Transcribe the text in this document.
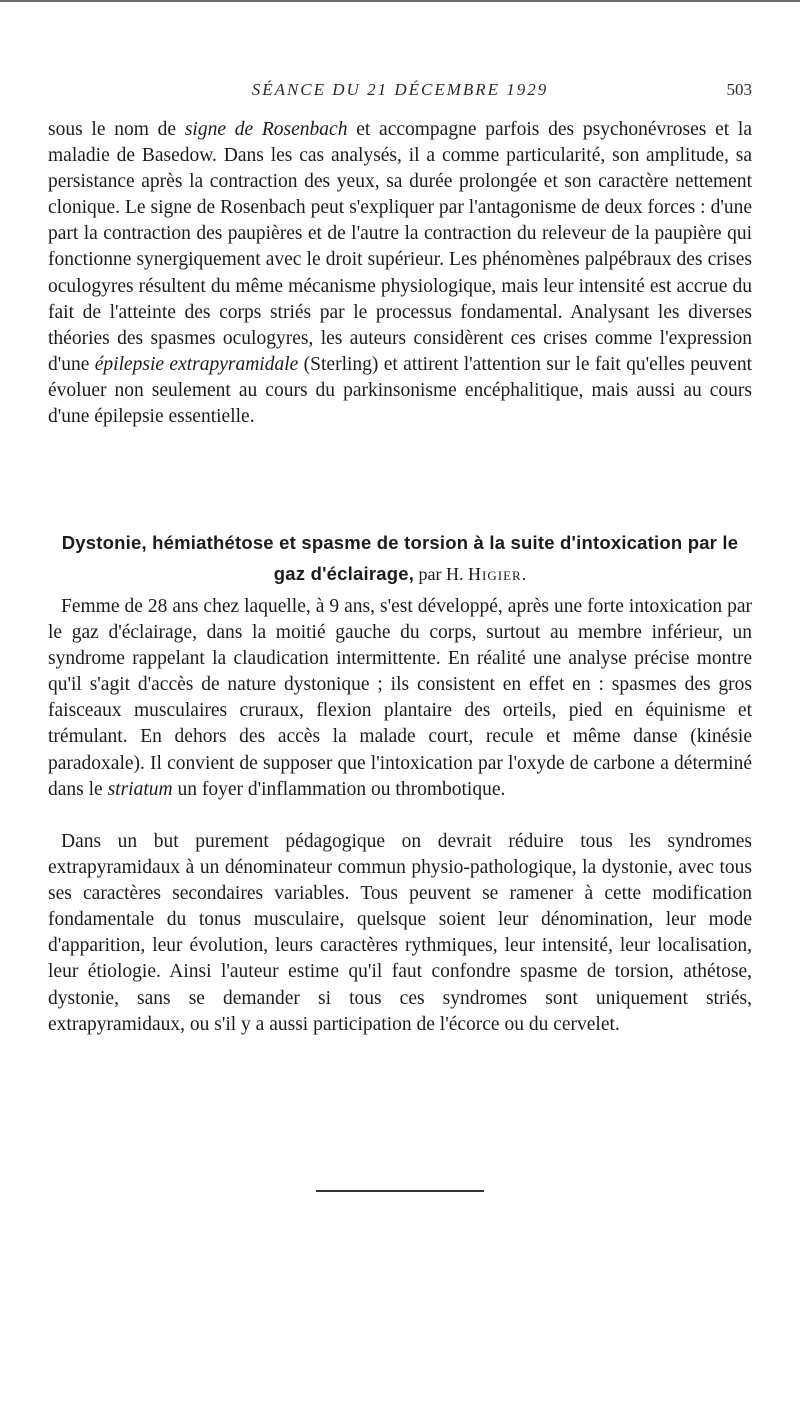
SÉANCE DU 21 DÉCEMBRE 1929	503

sous le nom de signe de Rosenbach et accompagne parfois des psychonévroses et la maladie de Basedow. Dans les cas analysés, il a comme particularité, son amplitude, sa persistance après la contraction des yeux, sa durée prolongée et son caractère nettement clonique. Le signe de Rosenbach peut s'expliquer par l'antagonisme de deux forces : d'une part la contraction des paupières et de l'autre la contraction du releveur de la paupière qui fonctionne synergiquement avec le droit supérieur. Les phénomènes palpébraux des crises oculogyres résultent du même mécanisme physiologique, mais leur intensité est accrue du fait de l'atteinte des corps striés par le processus fondamental. Analysant les diverses théories des spasmes oculogyres, les auteurs considèrent ces crises comme l'expression d'une épilepsie extrapyramidale (Sterling) et attirent l'attention sur le fait qu'elles peuvent évoluer non seulement au cours du parkinsonisme encéphalitique, mais aussi au cours d'une épilepsie essentielle.

Dystonie, hémiathétose et spasme de torsion à la suite d'intoxication par le gaz d'éclairage, par H. Higier.

Femme de 28 ans chez laquelle, à 9 ans, s'est développé, après une forte intoxication par le gaz d'éclairage, dans la moitié gauche du corps, surtout au membre inférieur, un syndrome rappelant la claudication intermittente. En réalité une analyse précise montre qu'il s'agit d'accès de nature dystonique ; ils consistent en effet en : spasmes des gros faisceaux musculaires cruraux, flexion plantaire des orteils, pied en équinisme et trémulant. En dehors des accès la malade court, recule et même danse (kinésie paradoxale). Il convient de supposer que l'intoxication par l'oxyde de carbone a déterminé dans le striatum un foyer d'inflammation ou thrombotique.

Dans un but purement pédagogique on devrait réduire tous les syndromes extrapyramidaux à un dénominateur commun physio-pathologique, la dystonie, avec tous ses caractères secondaires variables. Tous peuvent se ramener à cette modification fondamentale du tonus musculaire, quelsque soient leur dénomination, leur mode d'apparition, leur évolution, leurs caractères rythmiques, leur intensité, leur localisation, leur étiologie. Ainsi l'auteur estime qu'il faut confondre spasme de torsion, athétose, dystonie, sans se demander si tous ces syndromes sont uniquement striés, extrapyramidaux, ou s'il y a aussi participation de l'écorce ou du cervelet.
